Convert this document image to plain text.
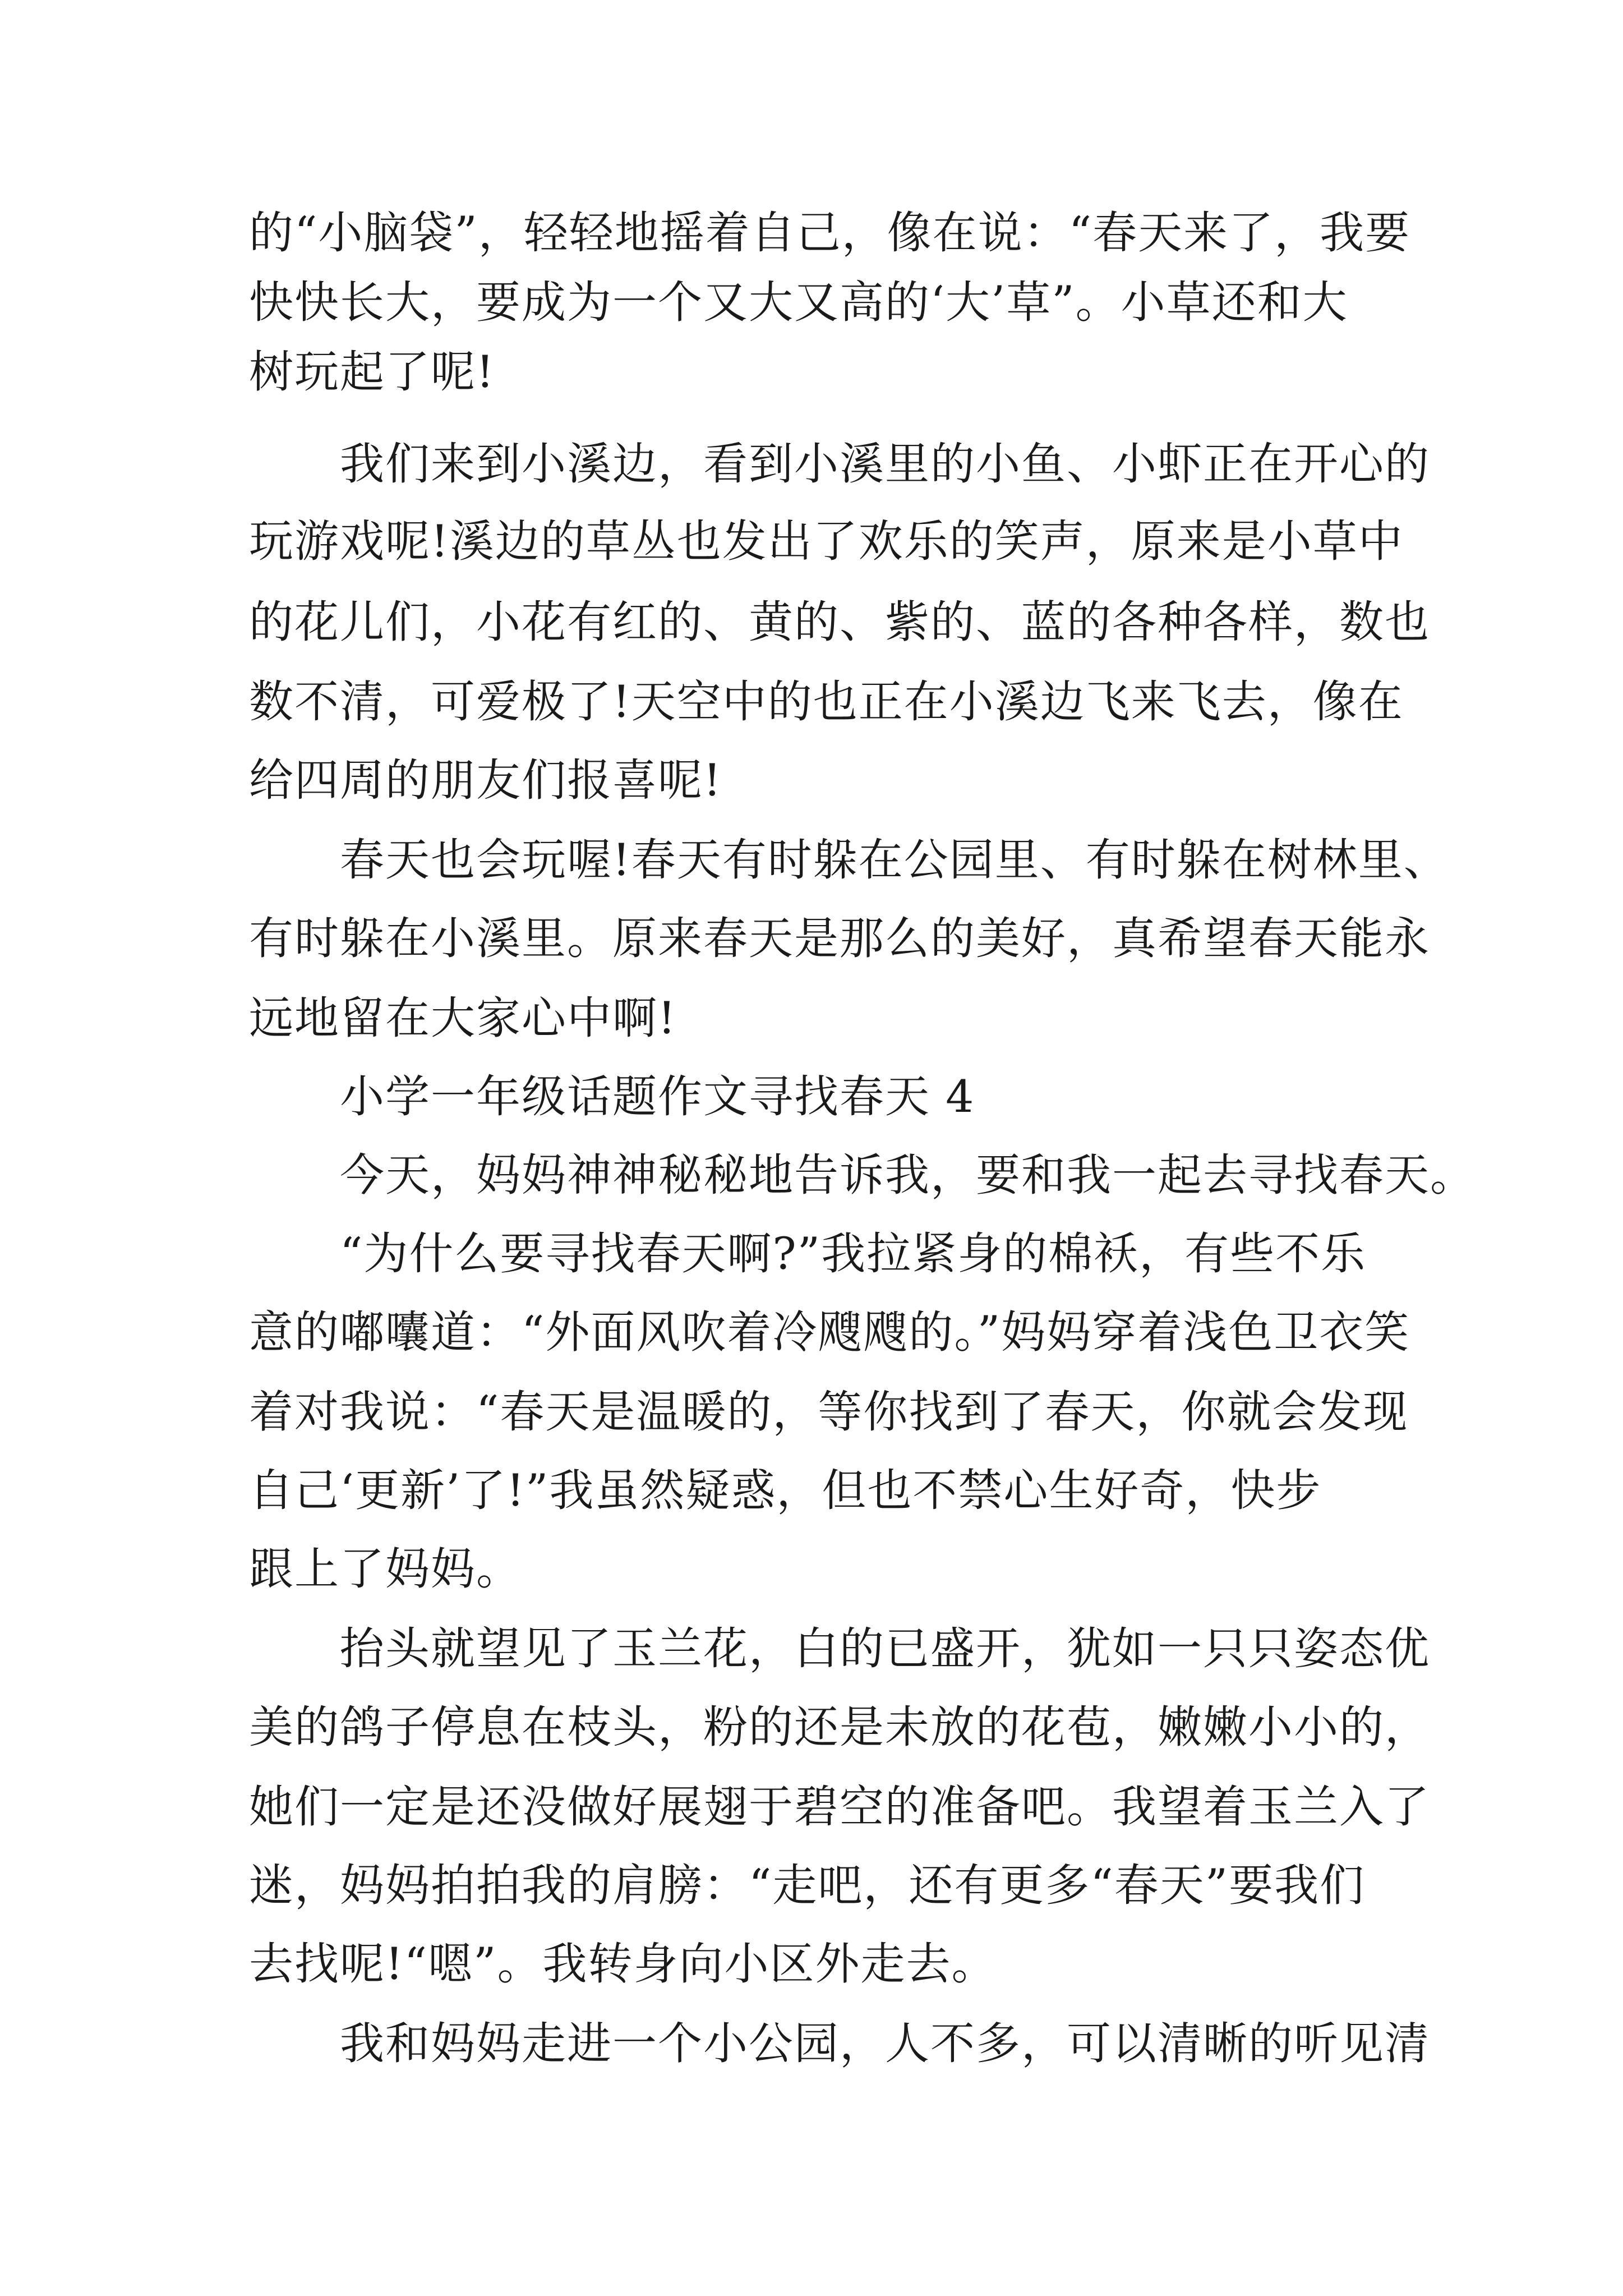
的“小脑袋”，轻轻地摇着自己，像在说：“春天来了，我要
快快长大，要成为一个又大又高的‘大’草”。小草还和大
树玩起了呢!
我们来到小溪边，看到小溪里的小鱼、小虾正在开心的
玩游戏呢!溪边的草丛也发出了欢乐的笑声，原来是小草中
的花儿们，小花有红的、黄的、紫的、蓝的各种各样，数也
数不清，可爱极了!天空中的也正在小溪边飞来飞去，像在
给四周的朋友们报喜呢!
春天也会玩喔!春天有时躲在公园里、有时躲在树林里、
有时躲在小溪里。原来春天是那么的美好，真希望春天能永
远地留在大家心中啊!
小学一年级话题作文寻找春天 4
今天，妈妈神神秘秘地告诉我，要和我一起去寻找春天。
“为什么要寻找春天啊?”我拉紧身的棉袄，有些不乐
意的嘟囔道：“外面风吹着冷飕飕的。”妈妈穿着浅色卫衣笑
着对我说：“春天是温暖的，等你找到了春天，你就会发现
自己‘更新’了!”我虽然疑惑，但也不禁心生好奇，快步
跟上了妈妈。
抬头就望见了玉兰花，白的已盛开，犹如一只只姿态优
美的鸽子停息在枝头，粉的还是未放的花苞，嫩嫩小小的，
她们一定是还没做好展翅于碧空的准备吧。我望着玉兰入了
迷，妈妈拍拍我的肩膀：“走吧，还有更多“春天”要我们
去找呢!“嗯”。我转身向小区外走去。
我和妈妈走进一个小公园，人不多，可以清晰的听见清
